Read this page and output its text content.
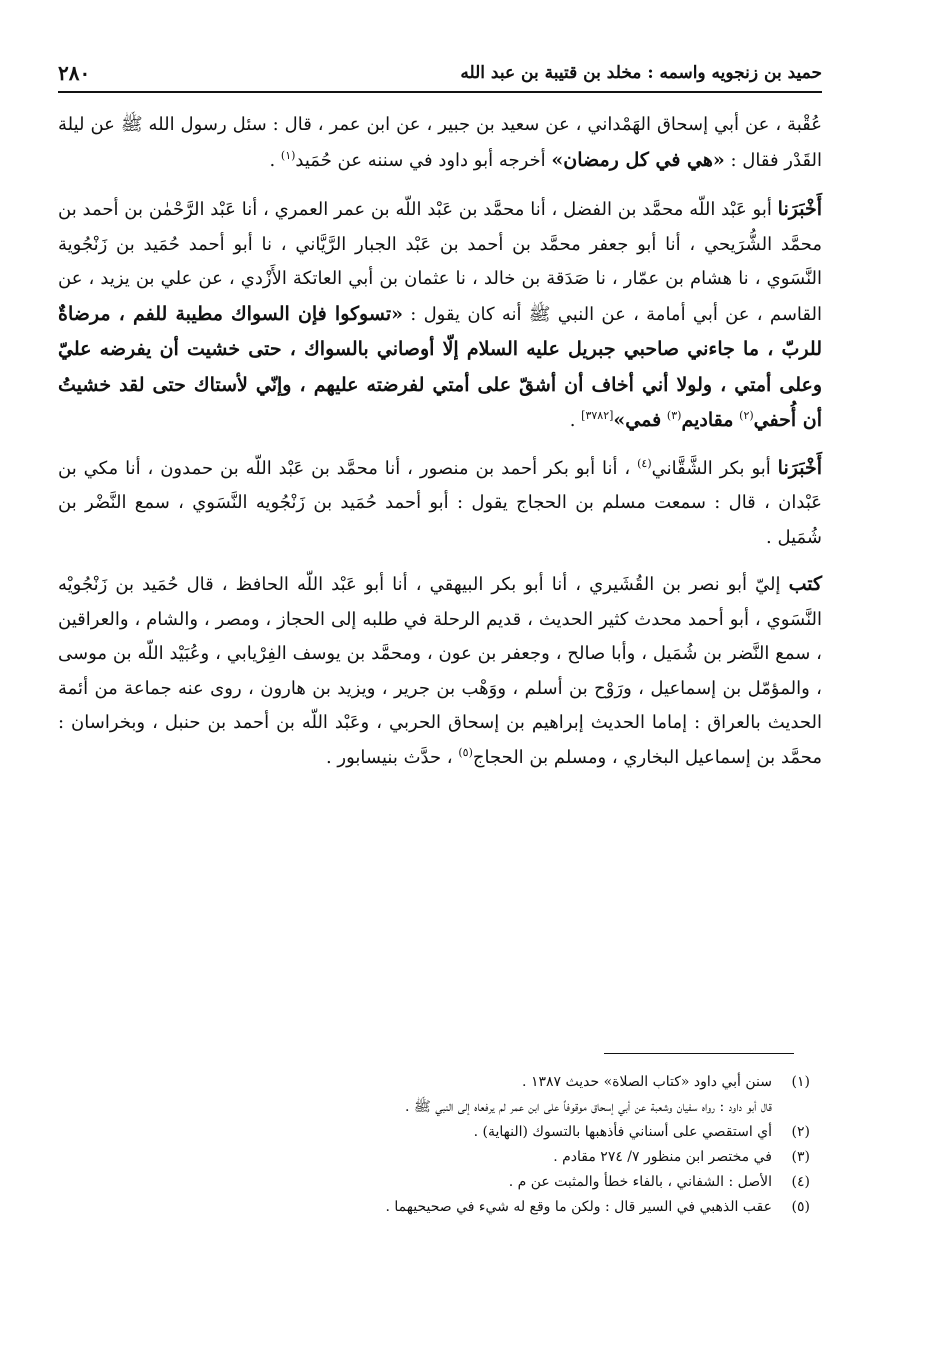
حميد بن زنجويه واسمه : مخلد بن قتيبة بن عبد الله
٢٨٠

عُقْبة ، عن أبي إسحاق الهَمْداني ، عن سعيد بن جبير ، عن ابن عمر ، قال : سئل رسول الله ﷺ عن ليلة القَدْر فقال : «هي في كل رمضان» أخرجه أبو داود في سننه عن حُمَيد$^{(١)}$ .

أَخْبَرَنا أبو عَبْد اللّه محمَّد بن الفضل ، أنا محمَّد بن عَبْد اللّه بن عمر العمري ، أنا عَبْد الرَّحْمٰن بن أحمد بن محمَّد الشُّرَيحي ، أنا أبو جعفر محمَّد بن أحمد بن عَبْد الجبار الرَّيَّاني ، نا أبو أحمد حُمَيد بن زَنْجُوية النَّسَوي ، نا هشام بن عمّار ، نا صَدَقة بن خالد ، نا عثمان بن أبي العاتكة الأَزْدي ، عن علي بن يزيد ، عن القاسم ، عن أبي أمامة ، عن النبي ﷺ أنه كان يقول : «تسوكوا فإن السواك مطيبة للفم ، مرضاةٌ للربّ ، ما جاءني صاحبي جبريل عليه السلام إلّا أوصاني بالسواك ، حتى خشيت أن يفرضه عليّ وعلى أمتي ، ولولا أني أخاف أن أشقّ على أمتي لفرضته عليهم ، وإنّي لأستاك حتى لقد خشيتُ أن أُحفي$^{(٢)}$ مقاديم$^{(٣)}$ فمي»[٣٧٨٢] .

أَخْبَرَنا أبو بكر الشَّقَّاني$^{(٤)}$ ، أنا أبو بكر أحمد بن منصور ، أنا محمَّد بن عَبْد اللّه بن حمدون ، أنا مكي بن عَبْدان ، قال : سمعت مسلم بن الحجاج يقول : أبو أحمد حُمَيد بن زَنْجُويه النَّسَوي ، سمع النَّضْر بن شُمَيل .

كتب إليّ أبو نصر بن القُشَيري ، أنا أبو بكر البيهقي ، أنا أبو عَبْد اللّه الحافظ ، قال حُمَيد بن زَنْجُويْه النَّسَوي ، أبو أحمد محدث كثير الحديث ، قديم الرحلة في طلبه إلى الحجاز ، ومصر ، والشام ، والعراقين ، سمع النَّضر بن شُمَيل ، وأبا صالح ، وجعفر بن عون ، ومحمَّد بن يوسف الفِرْيابي ، وعُبَيْد اللّه بن موسى ، والمؤمّل بن إسماعيل ، ورَوْح بن أسلم ، ووَهْب بن جرير ، ويزيد بن هارون ، روى عنه جماعة من أئمة الحديث بالعراق : إماما الحديث إبراهيم بن إسحاق الحربي ، وعَبْد اللّه بن أحمد بن حنبل ، وبخراسان : محمَّد بن إسماعيل البخاري ، ومسلم بن الحجاج$^{(٥)}$ ، حدَّث بنيسابور .

(١)
سنن أبي داود «كتاب الصلاة» حديث ١٣٨٧ .
قال أبو داود : رواه سفيان وشعبة عن أبي إسحاق موقوفاً على ابن عمر لم يرفعاه إلى النبي ﷺ .
(٢)
أي استقصي على أسناني فأذهبها بالتسوك (النهاية) .
(٣)
في مختصر ابن منظور ٧/ ٢٧٤ مقادم .
(٤)
الأصل : الشفاني ، بالفاء خطأ والمثبت عن م .
(٥)
عقب الذهبي في السير قال : ولكن ما وقع له شيء في صحيحيهما .
